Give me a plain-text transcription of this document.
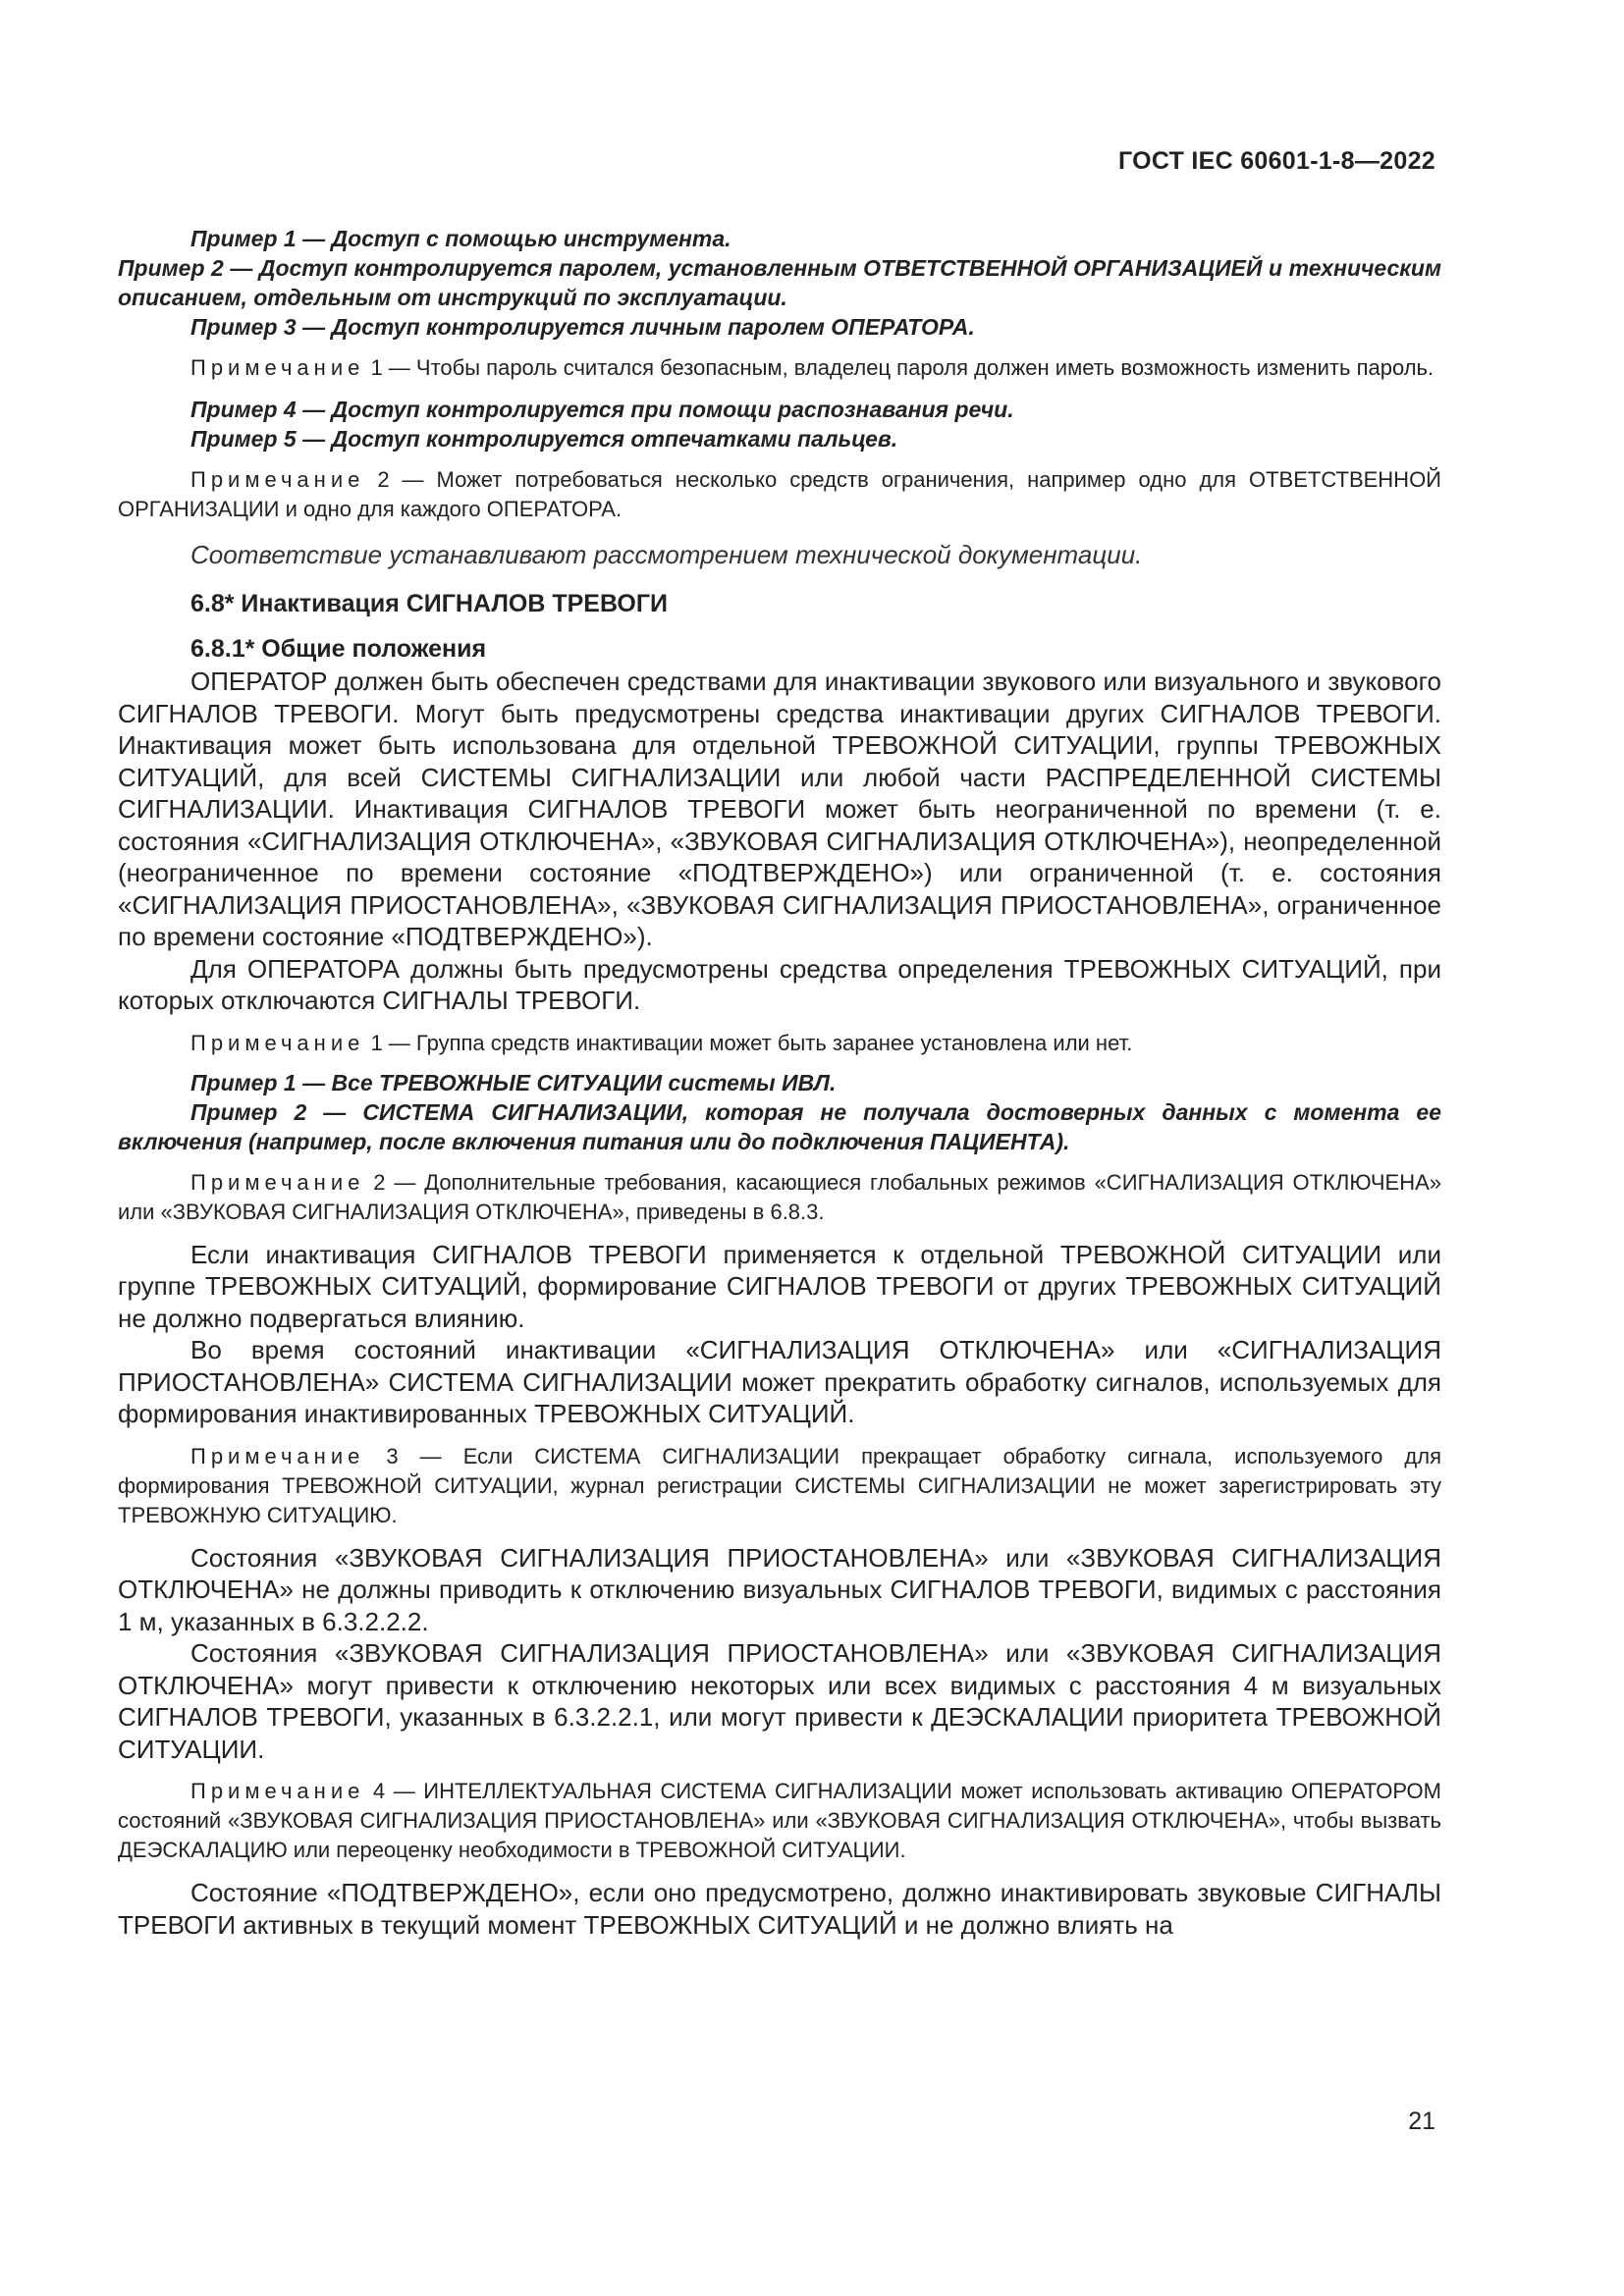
ГОСТ IEC 60601-1-8—2022

Пример 1 — Доступ с помощью инструмента.

Пример 2 — Доступ контролируется паролем, установленным ОТВЕТСТВЕННОЙ ОРГАНИЗАЦИЕЙ и техническим описанием, отдельным от инструкций по эксплуатации.

Пример 3 — Доступ контролируется личным паролем ОПЕРАТОРА.

Примечание 1 — Чтобы пароль считался безопасным, владелец пароля должен иметь возможность изменить пароль.

Пример 4 — Доступ контролируется при помощи распознавания речи.

Пример 5 — Доступ контролируется отпечатками пальцев.

Примечание 2 — Может потребоваться несколько средств ограничения, например одно для ОТВЕТСТВЕННОЙ ОРГАНИЗАЦИИ и одно для каждого ОПЕРАТОРА.

Соответствие устанавливают рассмотрением технической документации.

6.8* Инактивация СИГНАЛОВ ТРЕВОГИ

6.8.1* Общие положения

ОПЕРАТОР должен быть обеспечен средствами для инактивации звукового или визуального и звукового СИГНАЛОВ ТРЕВОГИ. Могут быть предусмотрены средства инактивации других СИГНАЛОВ ТРЕВОГИ. Инактивация может быть использована для отдельной ТРЕВОЖНОЙ СИТУАЦИИ, группы ТРЕВОЖНЫХ СИТУАЦИЙ, для всей СИСТЕМЫ СИГНАЛИЗАЦИИ или любой части РАСПРЕДЕЛЕННОЙ СИСТЕМЫ СИГНАЛИЗАЦИИ. Инактивация СИГНАЛОВ ТРЕВОГИ может быть неограниченной по времени (т. е. состояния «СИГНАЛИЗАЦИЯ ОТКЛЮЧЕНА», «ЗВУКОВАЯ СИГНАЛИЗАЦИЯ ОТКЛЮЧЕНА»), неопределенной (неограниченное по времени состояние «ПОДТВЕРЖДЕНО») или ограниченной (т. е. состояния «СИГНАЛИЗАЦИЯ ПРИОСТАНОВЛЕНА», «ЗВУКОВАЯ СИГНАЛИЗАЦИЯ ПРИОСТАНОВЛЕНА», ограниченное по времени состояние «ПОДТВЕРЖДЕНО»).

Для ОПЕРАТОРА должны быть предусмотрены средства определения ТРЕВОЖНЫХ СИТУАЦИЙ, при которых отключаются СИГНАЛЫ ТРЕВОГИ.

Примечание 1 — Группа средств инактивации может быть заранее установлена или нет.

Пример 1 — Все ТРЕВОЖНЫЕ СИТУАЦИИ системы ИВЛ.

Пример 2 — СИСТЕМА СИГНАЛИЗАЦИИ, которая не получала достоверных данных с момента ее включения (например, после включения питания или до подключения ПАЦИЕНТА).

Примечание 2 — Дополнительные требования, касающиеся глобальных режимов «СИГНАЛИЗАЦИЯ ОТКЛЮЧЕНА» или «ЗВУКОВАЯ СИГНАЛИЗАЦИЯ ОТКЛЮЧЕНА», приведены в 6.8.3.

Если инактивация СИГНАЛОВ ТРЕВОГИ применяется к отдельной ТРЕВОЖНОЙ СИТУАЦИИ или группе ТРЕВОЖНЫХ СИТУАЦИЙ, формирование СИГНАЛОВ ТРЕВОГИ от других ТРЕВОЖНЫХ СИТУАЦИЙ не должно подвергаться влиянию.

Во время состояний инактивации «СИГНАЛИЗАЦИЯ ОТКЛЮЧЕНА» или «СИГНАЛИЗАЦИЯ ПРИОСТАНОВЛЕНА» СИСТЕМА СИГНАЛИЗАЦИИ может прекратить обработку сигналов, используемых для формирования инактивированных ТРЕВОЖНЫХ СИТУАЦИЙ.

Примечание 3 — Если СИСТЕМА СИГНАЛИЗАЦИИ прекращает обработку сигнала, используемого для формирования ТРЕВОЖНОЙ СИТУАЦИИ, журнал регистрации СИСТЕМЫ СИГНАЛИЗАЦИИ не может зарегистрировать эту ТРЕВОЖНУЮ СИТУАЦИЮ.

Состояния «ЗВУКОВАЯ СИГНАЛИЗАЦИЯ ПРИОСТАНОВЛЕНА» или «ЗВУКОВАЯ СИГНАЛИЗАЦИЯ ОТКЛЮЧЕНА» не должны приводить к отключению визуальных СИГНАЛОВ ТРЕВОГИ, видимых с расстояния 1 м, указанных в 6.3.2.2.2.

Состояния «ЗВУКОВАЯ СИГНАЛИЗАЦИЯ ПРИОСТАНОВЛЕНА» или «ЗВУКОВАЯ СИГНАЛИЗАЦИЯ ОТКЛЮЧЕНА» могут привести к отключению некоторых или всех видимых с расстояния 4 м визуальных СИГНАЛОВ ТРЕВОГИ, указанных в 6.3.2.2.1, или могут привести к ДЕЭСКАЛАЦИИ приоритета ТРЕВОЖНОЙ СИТУАЦИИ.

Примечание 4 — ИНТЕЛЛЕКТУАЛЬНАЯ СИСТЕМА СИГНАЛИЗАЦИИ может использовать активацию ОПЕРАТОРОМ состояний «ЗВУКОВАЯ СИГНАЛИЗАЦИЯ ПРИОСТАНОВЛЕНА» или «ЗВУКОВАЯ СИГНАЛИЗАЦИЯ ОТКЛЮЧЕНА», чтобы вызвать ДЕЭСКАЛАЦИЮ или переоценку необходимости в ТРЕВОЖНОЙ СИТУАЦИИ.

Состояние «ПОДТВЕРЖДЕНО», если оно предусмотрено, должно инактивировать звуковые СИГНАЛЫ ТРЕВОГИ активных в текущий момент ТРЕВОЖНЫХ СИТУАЦИЙ и не должно влиять на

21
